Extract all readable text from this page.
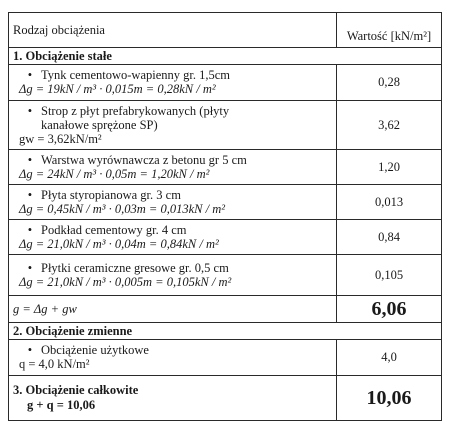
Rodzaj obciążenia	Wartość [kN/m²]
1. Obciążenie stałe	

• Tynk cementowo-wapienny gr. 1,5cm
Δg = 19kN / m³ · 0,015m = 0,28kN / m²	0,28

• Strop z płyt prefabrykowanych (płyty
kanałowe sprężone SP)
gw = 3,62kN/m²	3,62

• Warstwa wyrównawcza z betonu gr 5 cm
Δg = 24kN / m³ · 0,05m = 1,20kN / m²	1,20

• Płyta styropianowa gr. 3 cm
Δg = 0,45kN / m³ · 0,03m = 0,013kN / m²	0,013

• Podkład cementowy gr. 4 cm
Δg = 21,0kN / m³ · 0,04m = 0,84kN / m²	0,84

• Płytki ceramiczne gresowe gr. 0,5 cm
Δg = 21,0kN / m³ · 0,005m = 0,105kN / m²	0,105
g = Δg + gw	6,06
2. Obciążenie zmienne	

• Obciążenie użytkowe
q = 4,0 kN/m²	4,0

3. Obciążenie całkowite
g + q = 10,06	10,06
